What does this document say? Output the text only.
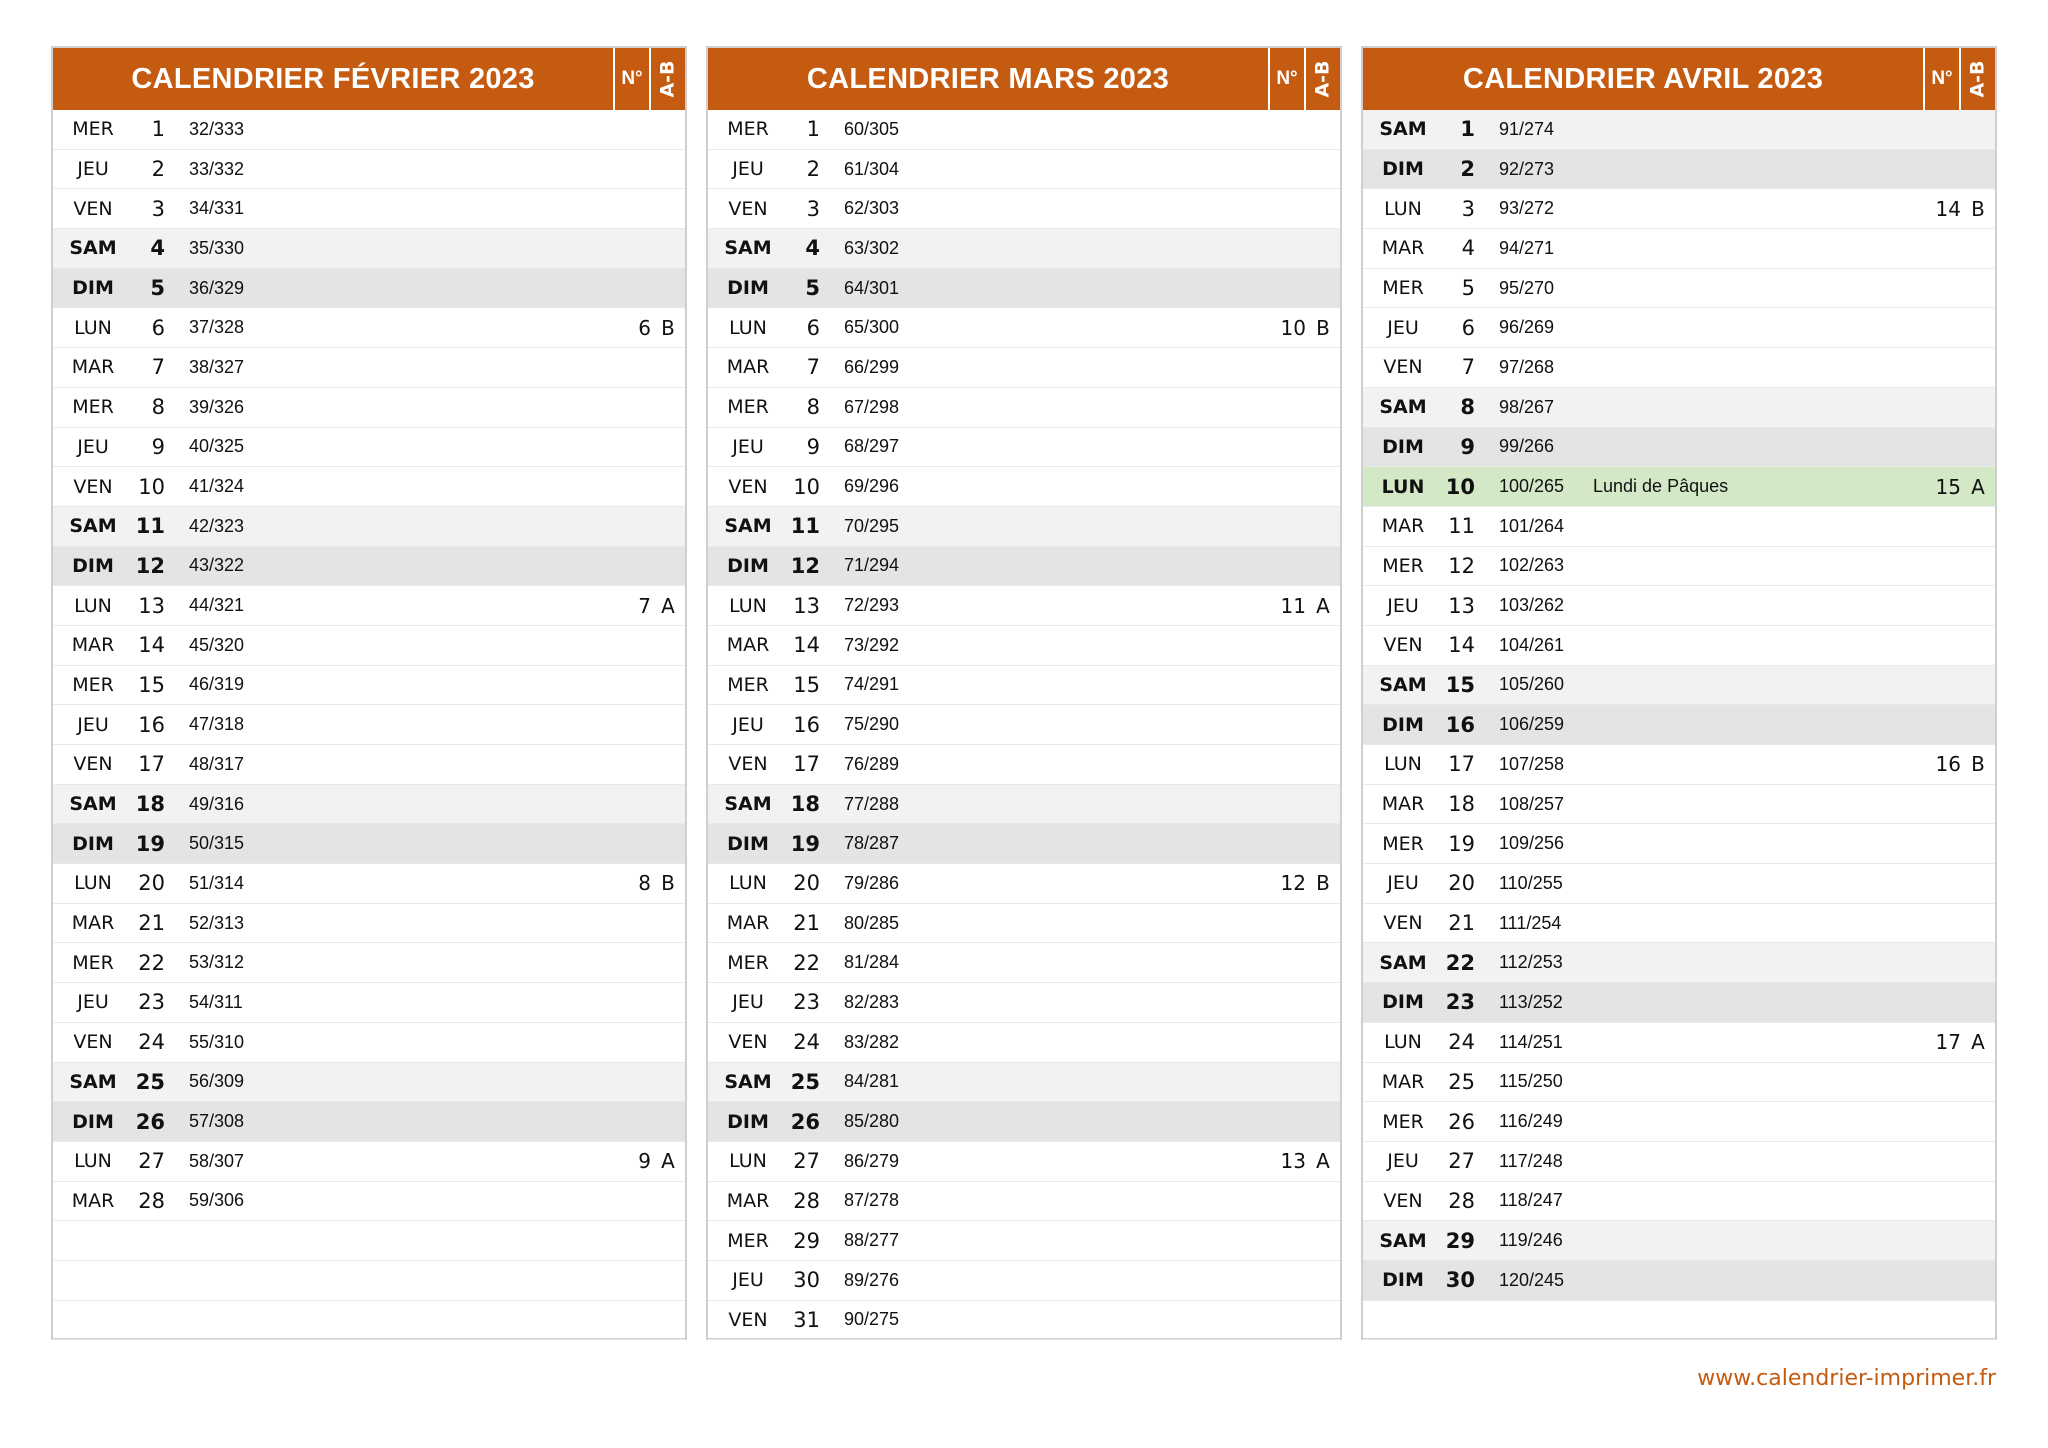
CALENDRIER FÉVRIER 2023	N° A-B
MER	1	32/333
JEU	2	33/332
VEN	3	34/331
SAM	4	35/330
DIM	5	36/329
LUN	6	37/328	6 B
MAR	7	38/327
MER	8	39/326
JEU	9	40/325
VEN	10	41/324
SAM 11	42/323
DIM	12	43/322
LUN	13	44/321	7 A
MAR	14	45/320
MER	15	46/319
JEU	16	47/318
VEN	17	48/317
SAM 18	49/316
DIM	19	50/315
LUN	20	51/314	8 B
MAR	21	52/313
MER	22	53/312
JEU	23	54/311
VEN	24	55/310
SAM 25	56/309
DIM	26	57/308
LUN	27	58/307	9 A
MAR	28	59/306
CALENDRIER MARS 2023	N° A-B
MER	1	60/305
JEU	2	61/304
VEN	3	62/303
SAM	4	63/302
DIM	5	64/301
LUN	6	65/300	10 B
MAR	7	66/299
MER	8	67/298
JEU	9	68/297
VEN	10	69/296
SAM 11	70/295
DIM	12	71/294
LUN	13	72/293	11 A
MAR	14	73/292
MER	15	74/291
JEU	16	75/290
VEN	17	76/289
SAM 18	77/288
DIM	19	78/287
LUN	20	79/286	12 B
MAR	21	80/285
MER	22	81/284
JEU	23	82/283
VEN	24	83/282
SAM 25	84/281
DIM	26	85/280
LUN	27	86/279	13 A
MAR	28	87/278
MER	29	88/277
JEU	30	89/276
VEN	31	90/275
CALENDRIER AVRIL 2023	N° A-B
SAM	1	91/274
DIM	2	92/273
LUN	3	93/272	14 B
MAR	4	94/271
MER	5	95/270
JEU	6	96/269
VEN	7	97/268
SAM	8	98/267
DIM	9	99/266
LUN	10	100/265	Lundi de Pâques	15 A
MAR	11	101/264
MER	12	102/263
JEU	13	103/262
VEN	14	104/261
SAM 15	105/260
DIM	16	106/259
LUN	17	107/258	16 B
MAR	18	108/257
MER	19	109/256
JEU	20	110/255
VEN	21	111/254
SAM 22	112/253
DIM	23	113/252
LUN	24	114/251	17 A
MAR	25	115/250
MER	26	116/249
JEU	27	117/248
VEN	28	118/247
SAM 29	119/246
DIM	30	120/245
www.calendrier-imprimer.fr
